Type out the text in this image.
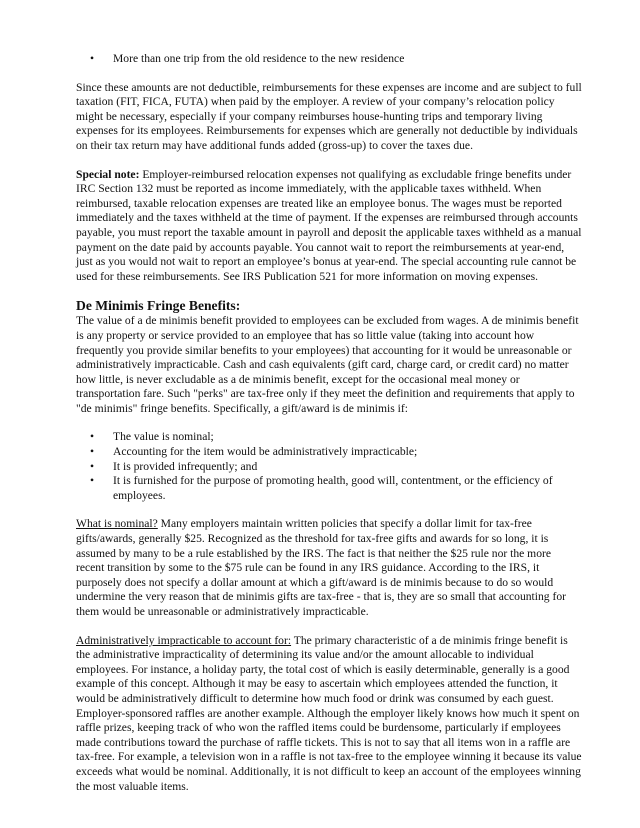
• More than one trip from the old residence to the new residence

Since these amounts are not deductible, reimbursements for these expenses are income and are subject to full taxation (FIT, FICA, FUTA) when paid by the employer. A review of your company’s relocation policy might be necessary, especially if your company reimburses house-hunting trips and temporary living expenses for its employees. Reimbursements for expenses which are generally not deductible by individuals on their tax return may have additional funds added (gross-up) to cover the taxes due.

Special note: Employer-reimbursed relocation expenses not qualifying as excludable fringe benefits under IRC Section 132 must be reported as income immediately, with the applicable taxes withheld. When reimbursed, taxable relocation expenses are treated like an employee bonus. The wages must be reported immediately and the taxes withheld at the time of payment. If the expenses are reimbursed through accounts payable, you must report the taxable amount in payroll and deposit the applicable taxes withheld as a manual payment on the date paid by accounts payable. You cannot wait to report the reimbursements at year-end, just as you would not wait to report an employee’s bonus at year-end. The special accounting rule cannot be used for these reimbursements. See IRS Publication 521 for more information on moving expenses.

De Minimis Fringe Benefits:

The value of a de minimis benefit provided to employees can be excluded from wages. A de minimis benefit is any property or service provided to an employee that has so little value (taking into account how frequently you provide similar benefits to your employees) that accounting for it would be unreasonable or administratively impracticable. Cash and cash equivalents (gift card, charge card, or credit card) no matter how little, is never excludable as a de minimis benefit, except for the occasional meal money or transportation fare. Such "perks" are tax-free only if they meet the definition and requirements that apply to "de minimis" fringe benefits. Specifically, a gift/award is de minimis if:

• The value is nominal;
• Accounting for the item would be administratively impracticable;
• It is provided infrequently; and
• It is furnished for the purpose of promoting health, good will, contentment, or the efficiency of employees.

What is nominal? Many employers maintain written policies that specify a dollar limit for tax-free gifts/awards, generally $25. Recognized as the threshold for tax-free gifts and awards for so long, it is assumed by many to be a rule established by the IRS. The fact is that neither the $25 rule nor the more recent transition by some to the $75 rule can be found in any IRS guidance. According to the IRS, it purposely does not specify a dollar amount at which a gift/award is de minimis because to do so would undermine the very reason that de minimis gifts are tax-free - that is, they are so small that accounting for them would be unreasonable or administratively impracticable.

Administratively impracticable to account for: The primary characteristic of a de minimis fringe benefit is the administrative impracticality of determining its value and/or the amount allocable to individual employees. For instance, a holiday party, the total cost of which is easily determinable, generally is a good example of this concept. Although it may be easy to ascertain which employees attended the function, it would be administratively difficult to determine how much food or drink was consumed by each guest. Employer-sponsored raffles are another example. Although the employer likely knows how much it spent on raffle prizes, keeping track of who won the raffled items could be burdensome, particularly if employees made contributions toward the purchase of raffle tickets. This is not to say that all items won in a raffle are tax-free. For example, a television won in a raffle is not tax-free to the employee winning it because its value exceeds what would be nominal. Additionally, it is not difficult to keep an account of the employees winning the most valuable items.
